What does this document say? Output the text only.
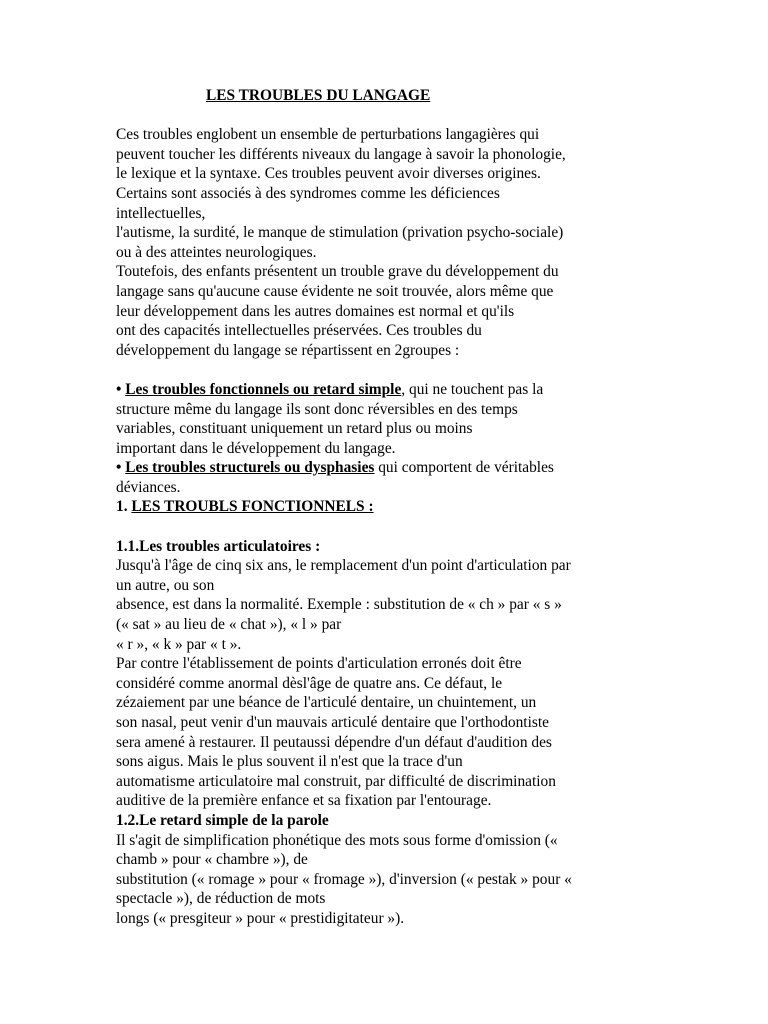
LES TROUBLES DU LANGAGE
Ces troubles englobent un ensemble de perturbations langagières qui
peuvent toucher les différents niveaux du langage à savoir la phonologie,
le lexique et la syntaxe. Ces troubles peuvent avoir diverses origines.
Certains sont associés à des syndromes comme les déficiences
intellectuelles,
l'autisme, la surdité, le manque de stimulation (privation psycho-sociale)
ou à des atteintes neurologiques.
Toutefois, des enfants présentent un trouble grave du développement du
langage sans qu'aucune cause évidente ne soit trouvée, alors même que
leur développement dans les autres domaines est normal et qu'ils
ont des capacités intellectuelles préservées. Ces troubles du
développement du langage se répartissent en 2groupes :
• Les troubles fonctionnels ou retard simple, qui ne touchent pas la
structure même du langage ils sont donc réversibles en des temps
variables, constituant uniquement un retard plus ou moins
important dans le développement du langage.
• Les troubles structurels ou dysphasies qui comportent de véritables
déviances.
1. LES TROUBLS FONCTIONNELS :
1.1.Les troubles articulatoires :
Jusqu'à l'âge de cinq six ans, le remplacement d'un point d'articulation par
un autre, ou son
absence, est dans la normalité. Exemple : substitution de « ch » par « s »
(« sat » au lieu de « chat »), « l » par
« r », « k » par « t ».
Par contre l'établissement de points d'articulation erronés doit être
considéré comme anormal dèsl'âge de quatre ans. Ce défaut, le
zézaiement par une béance de l'articulé dentaire, un chuintement, un
son nasal, peut venir d'un mauvais articulé dentaire que l'orthodontiste
sera amené à restaurer. Il peutaussi dépendre d'un défaut d'audition des
sons aigus. Mais le plus souvent il n'est que la trace d'un
automatisme articulatoire mal construit, par difficulté de discrimination
auditive de la première enfance et sa fixation par l'entourage.
1.2.Le retard simple de la parole
Il s'agit de simplification phonétique des mots sous forme d'omission («
chamb » pour « chambre »), de
substitution (« romage » pour « fromage »), d'inversion (« pestak » pour «
spectacle »), de réduction de mots
longs (« presgiteur » pour « prestidigitateur »).
